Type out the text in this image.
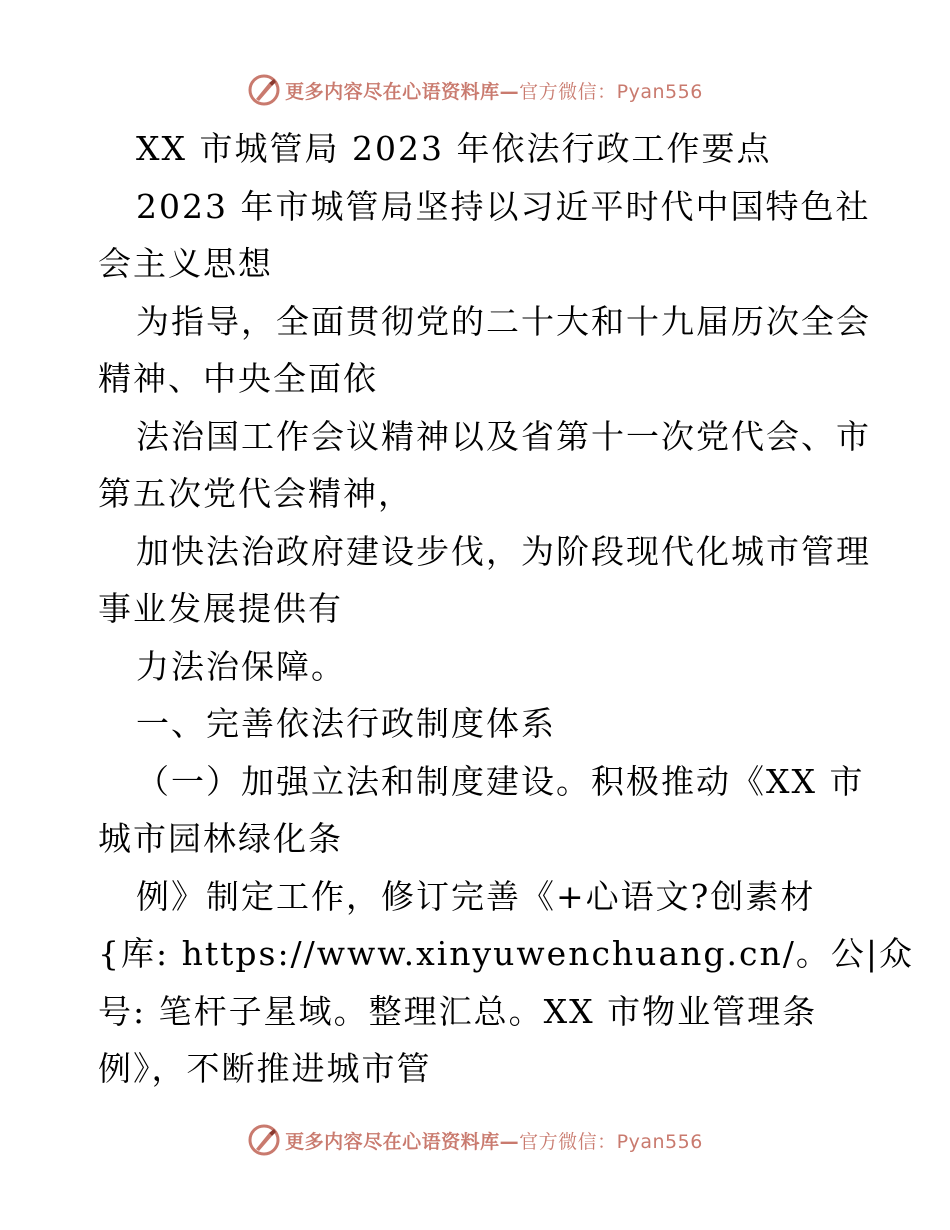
更多内容尽在心语资料库—官方微信：Pyan556
XX 市城管局 2023 年依法行政工作要点
2023 年市城管局坚持以习近平时代中国特色社
会主义思想
为指导，全面贯彻党的二十大和十九届历次全会
精神、中央全面依
法治国工作会议精神以及省第十一次党代会、市
第五次党代会精神，
加快法治政府建设步伐，为阶段现代化城市管理
事业发展提供有
力法治保障。
一、完善依法行政制度体系
（一）加强立法和制度建设。积极推动《XX 市
城市园林绿化条
例》制定工作，修订完善《+心语文?创素材
{库: https://www.xinyuwenchuang.cn/。公|众
号: 笔杆子星域。整理汇总。XX 市物业管理条
例》，不断推进城市管
更多内容尽在心语资料库—官方微信：Pyan556
